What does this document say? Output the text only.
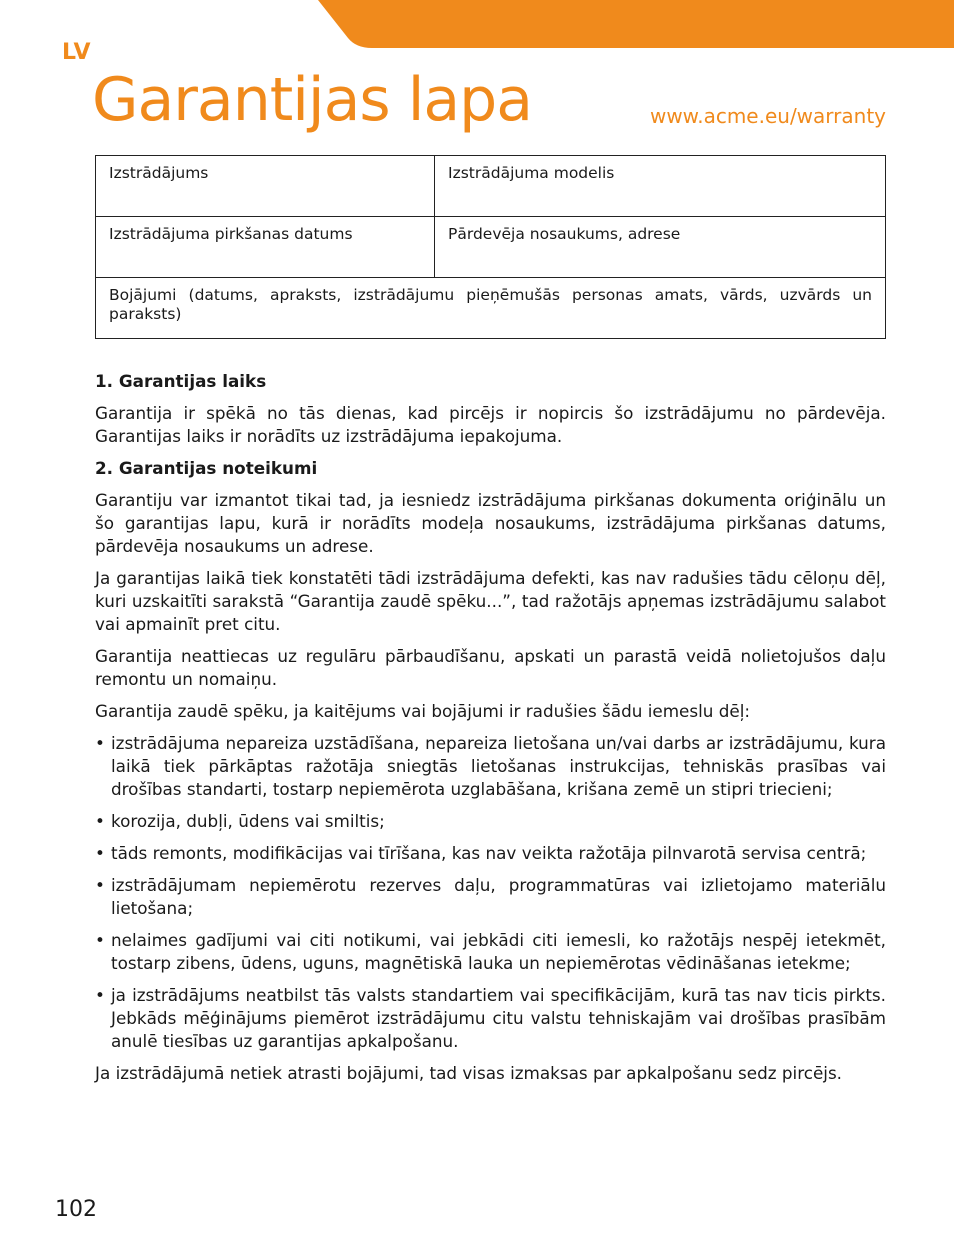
LV
Garantijas lapa	www.acme.eu/warranty
Izstrādājums	Izstrādājuma modelis
Izstrādājuma pirkšanas datums	Pārdevēja nosaukums, adrese
Bojājumi (datums, apraksts, izstrādājumu pieņēmušās personas amats, vārds, uzvārds un paraksts)	
1. Garantijas laiks

Garantija ir spēkā no tās dienas, kad pircējs ir nopircis šo izstrādājumu no pārdevēja. Garantijas laiks ir norādīts uz izstrādājuma iepakojuma.

2. Garantijas noteikumi

Garantiju var izmantot tikai tad, ja iesniedz izstrādājuma pirkšanas dokumenta oriģinālu un šo garantijas lapu, kurā ir norādīts modeļa nosaukums, izstrādājuma pirkšanas datums, pārdevēja nosaukums un adrese.

Ja garantijas laikā tiek konstatēti tādi izstrādājuma defekti, kas nav radušies tādu cēloņu dēļ, kuri uzskaitīti sarakstā “Garantija zaudē spēku...”, tad ražotājs apņemas izstrādājumu salabot vai apmainīt pret citu.

Garantija neattiecas uz regulāru pārbaudīšanu, apskati un parastā veidā nolietojušos daļu remontu un nomaiņu.

Garantija zaudē spēku, ja kaitējums vai bojājumi ir radušies šādu iemeslu dēļ:

• izstrādājuma nepareiza uzstādīšana, nepareiza lietošana un/vai darbs ar izstrādājumu, kura laikā tiek pārkāptas ražotāja sniegtās lietošanas instrukcijas, tehniskās prasības vai drošības standarti, tostarp nepiemērota uzglabāšana, krišana zemē un stipri triecieni;
• korozija, dubļi, ūdens vai smiltis;
• tāds remonts, modifikācijas vai tīrīšana, kas nav veikta ražotāja pilnvarotā servisa centrā;
• izstrādājumam nepiemērotu rezerves daļu, programmatūras vai izlietojamo materiālu lietošana;
• nelaimes gadījumi vai citi notikumi, vai jebkādi citi iemesli, ko ražotājs nespēj ietekmēt, tostarp zibens, ūdens, uguns, magnētiskā lauka un nepiemērotas vēdināšanas ietekme;
• ja izstrādājums neatbilst tās valsts standartiem vai specifikācijām, kurā tas nav ticis pirkts. Jebkāds mēģinājums piemērot izstrādājumu citu valstu tehniskajām vai drošības prasībām anulē tiesības uz garantijas apkalpošanu.

Ja izstrādājumā netiek atrasti bojājumi, tad visas izmaksas par apkalpošanu sedz pircējs.

102
